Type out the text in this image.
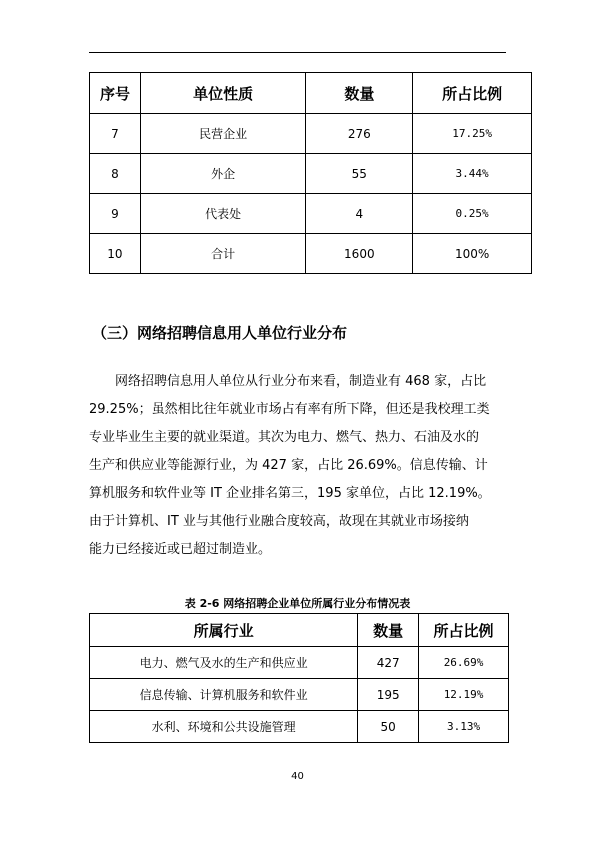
序号	单位性质	数量	所占比例
7	民营企业	276	17.25%
8	外企	55	3.44%
9	代表处	4	0.25%
10	合计	1600	100%
（三）网络招聘信息用人单位行业分布

网络招聘信息用人单位从行业分布来看，制造业有 468 家，占比

29.25%；虽然相比往年就业市场占有率有所下降，但还是我校理工类

专业毕业生主要的就业渠道。其次为电力、燃气、热力、石油及水的

生产和供应业等能源行业，为 427 家，占比 26.69%。信息传输、计

算机服务和软件业等 IT 企业排名第三，195 家单位，占比 12.19%。

由于计算机、IT 业与其他行业融合度较高，故现在其就业市场接纳

能力已经接近或已超过制造业。

表 2-6 网络招聘企业单位所属行业分布情况表
所属行业	数量	所占比例
电力、燃气及水的生产和供应业	427	26.69%
信息传输、计算机服务和软件业	195	12.19%
水利、环境和公共设施管理	50	3.13%
40
